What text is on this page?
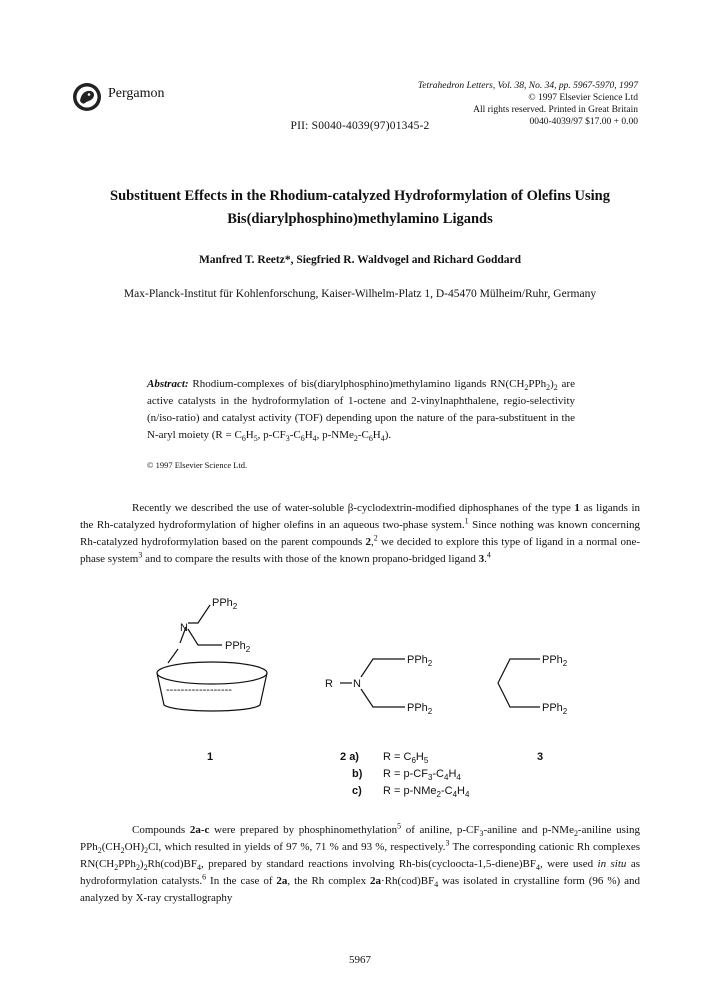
Pergamon	Tetrahedron Letters, Vol. 38, No. 34, pp. 5967-5970, 1997
© 1997 Elsevier Science Ltd
All rights reserved. Printed in Great Britain
0040-4039/97 $17.00 + 0.00
PII: S0040-4039(97)01345-2
Substituent Effects in the Rhodium-catalyzed Hydroformylation of Olefins Using
Bis(diarylphosphino)methylamino Ligands
Manfred T. Reetz*, Siegfried R. Waldvogel and Richard Goddard
Max-Planck-Institut für Kohlenforschung, Kaiser-Wilhelm-Platz 1, D-45470 Mülheim/Ruhr, Germany
Abstract: Rhodium-complexes of bis(diarylphosphino)methylamino ligands $RN(CH_2PPh_2)_2$ are active catalysts in the hydroformylation of 1-octene and 2-vinylnaphthalene, regio-selectivity (n/iso-ratio) and catalyst activity (TOF) depending upon the nature of the para-substituent in the N-aryl moiety ($R = C_6H_5$, $p-CF_3-C_6H_4$, $p-NMe_2-C_6H_4$).
© 1997 Elsevier Science Ltd.
Recently we described the use of water-soluble β-cyclodextrin-modified diphosphanes of the type 1 as ligands in the Rh-catalyzed hydroformylation of higher olefins in an aqueous two-phase system.$^1$ Since nothing was known concerning Rh-catalyzed hydroformylation based on the parent compounds 2,$^2$ we decided to explore this type of ligand in a normal one-phase system$^3$ and to compare the results with those of the known propano-bridged ligand 3.$^4$
PPh$_2$
N
PPh$_2$
------------------
1
R N
PPh$_2$
PPh$_2$
2 a) $R = C_6H_5$
b) $R = p-CF_3-C_4H_4$
c) $R = p-NMe_2-C_4H_4$
PPh$_2$
PPh$_2$
3
Compounds 2a-c were prepared by phosphinomethylation$^5$ of aniline, $p-CF_3$-aniline and p-NMe$_2$-aniline using $PPh_2(CH_2OH)_2Cl$, which resulted in yields of 97 %, 71 % and 93 %, respectively.$^3$ The corresponding cationic Rh complexes $RN(CH_2PPh_2)_2Rh(cod)BF_4$, prepared by standard reactions involving $Rh-bis(cycloocta-1,5-diene)BF_4$, were used in situ as hydroformylation catalysts.$^6$ In the case of 2a, the Rh complex $2a\cdot Rh(cod)BF_4$ was isolated in crystalline form (96 %) and analyzed by X-ray crystallography
5967
